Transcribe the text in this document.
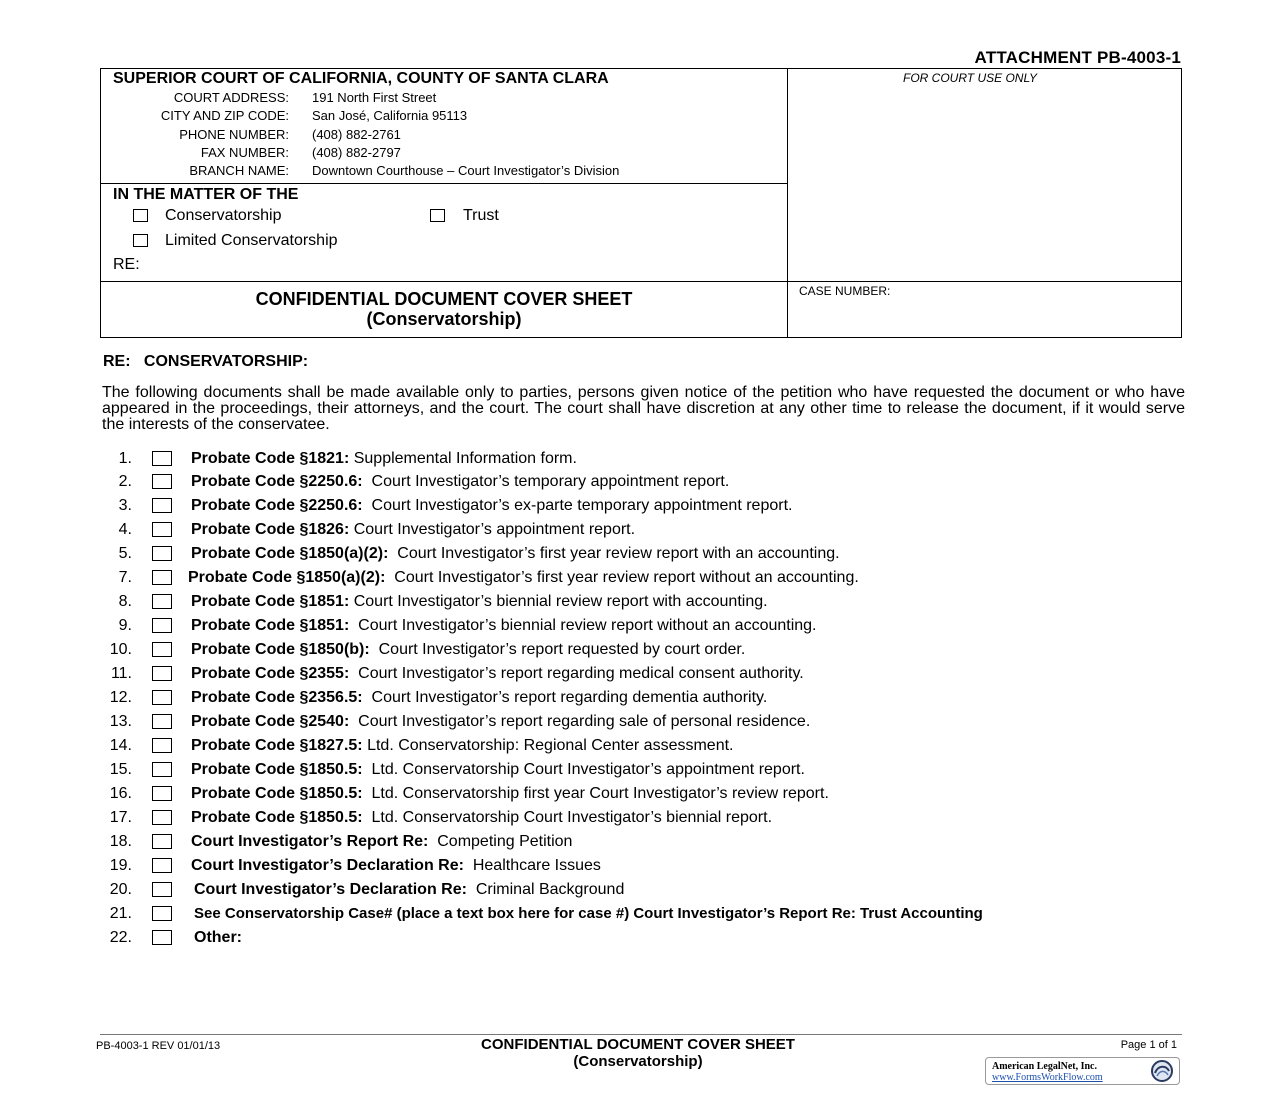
ATTACHMENT PB-4003-1
SUPERIOR COURT OF CALIFORNIA, COUNTY OF SANTA CLARA
COURT ADDRESS: 191 North First Street
CITY AND ZIP CODE: San José, California 95113
PHONE NUMBER: (408) 882-2761
FAX NUMBER: (408) 882-2797
BRANCH NAME: Downtown Courthouse – Court Investigator’s Division
FOR COURT USE ONLY
IN THE MATTER OF THE
Conservatorship	Trust
Limited Conservatorship
RE:
CONFIDENTIAL DOCUMENT COVER SHEET
(Conservatorship)
CASE NUMBER:
RE:   CONSERVATORSHIP:
The following documents shall be made available only to parties, persons given notice of the petition who have requested the document or who have appeared in the proceedings, their attorneys, and the court. The court shall have discretion at any other time to release the document, if it would serve the interests of the conservatee.
1.	Probate Code §1821: Supplemental Information form.
2.	Probate Code §2250.6:  Court Investigator’s temporary appointment report.
3.	Probate Code §2250.6:  Court Investigator’s ex-parte temporary appointment report.
4.	Probate Code §1826: Court Investigator’s appointment report.
5.	Probate Code §1850(a)(2):  Court Investigator’s first year review report with an accounting.
7.	Probate Code §1850(a)(2):  Court Investigator’s first year review report without an accounting.
8.	Probate Code §1851: Court Investigator’s biennial review report with accounting.
9.	Probate Code §1851:  Court Investigator’s biennial review report without an accounting.
10.	Probate Code §1850(b):  Court Investigator’s report requested by court order.
11.	Probate Code §2355:  Court Investigator’s report regarding medical consent authority.
12.	Probate Code §2356.5:  Court Investigator’s report regarding dementia authority.
13.	Probate Code §2540:  Court Investigator’s report regarding sale of personal residence.
14.	Probate Code §1827.5: Ltd. Conservatorship: Regional Center assessment.
15.	Probate Code §1850.5:  Ltd. Conservatorship Court Investigator’s appointment report.
16.	Probate Code §1850.5:  Ltd. Conservatorship first year Court Investigator’s review report.
17.	Probate Code §1850.5:  Ltd. Conservatorship Court Investigator’s biennial report.
18.	Court Investigator’s Report Re:  Competing Petition
19.	Court Investigator’s Declaration Re:  Healthcare Issues
20.	Court Investigator’s Declaration Re:  Criminal Background
21.	See Conservatorship Case# (place a text box here for case #) Court Investigator’s Report Re: Trust Accounting
22.	Other:
PB-4003-1 REV 01/01/13	CONFIDENTIAL DOCUMENT COVER SHEET
(Conservatorship)
Page 1 of 1
American LegalNet, Inc.
www.FormsWorkFlow.com
